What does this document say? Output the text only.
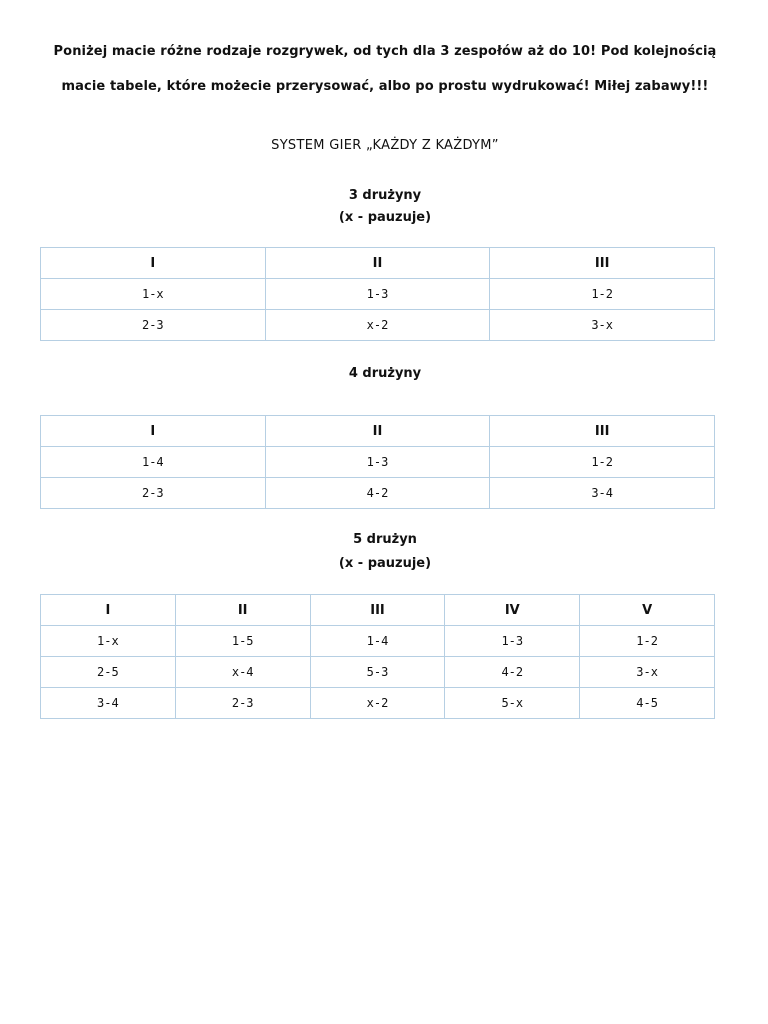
Poniżej macie różne rodzaje rozgrywek, od tych dla 3 zespołów aż do 10! Pod kolejnością
macie tabele, które możecie przerysować, albo po prostu wydrukować! Miłej zabawy!!!
SYSTEM GIER „KAŻDY Z KAŻDYM”
3 drużyny
(x - pauzuje)
I	II	III
1-x	1-3	1-2
2-3	x-2	3-x
4 drużyny
I	II	III
1-4	1-3	1-2
2-3	4-2	3-4
5 drużyn
(x - pauzuje)
I	II	III	IV	V
1-x	1-5	1-4	1-3	1-2
2-5	x-4	5-3	4-2	3-x
3-4	2-3	x-2	5-x	4-5
